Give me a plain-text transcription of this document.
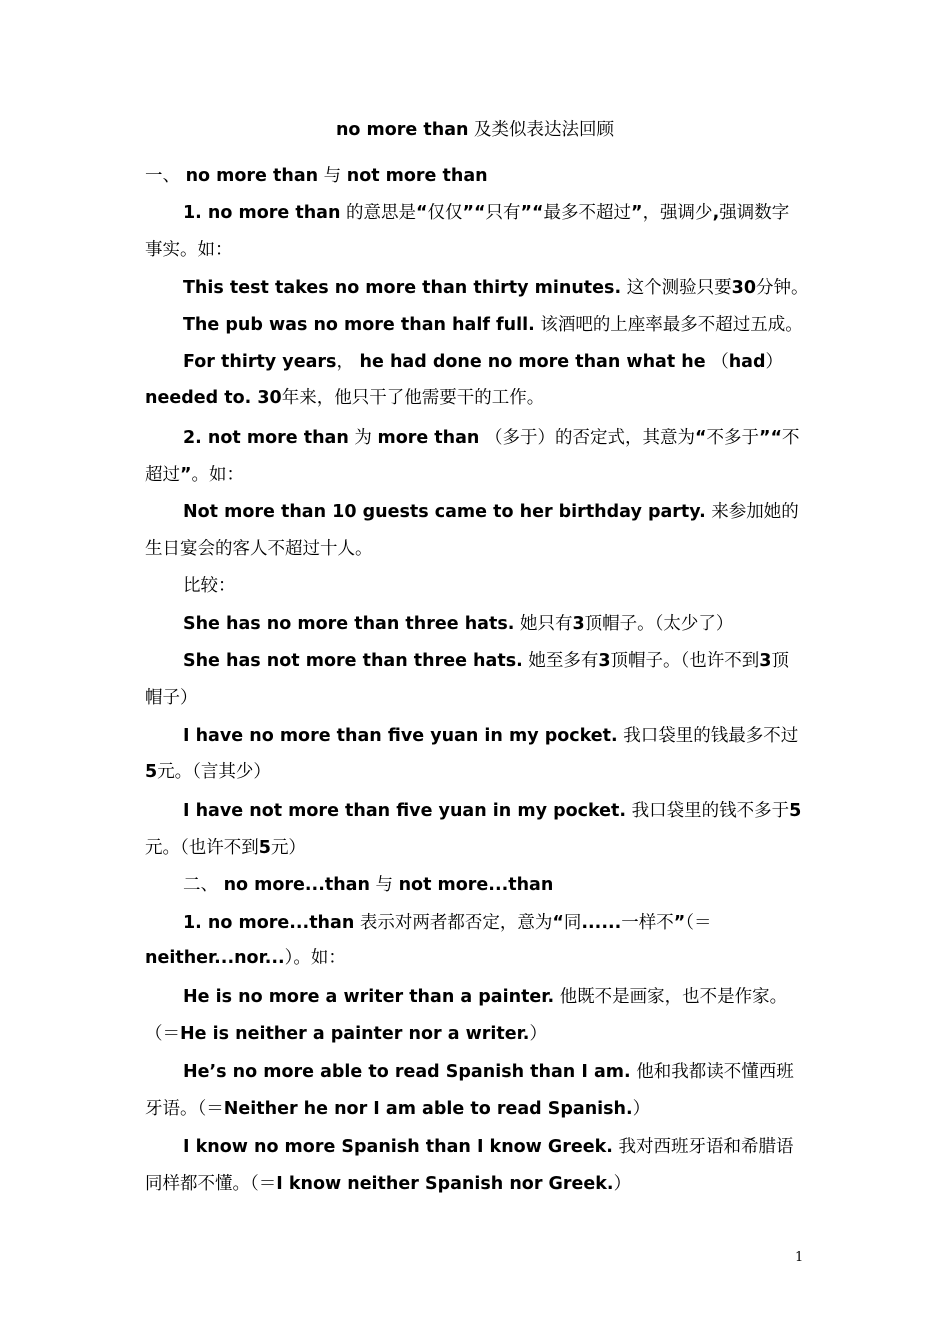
no more than 及类似表达法回顾
一、 no more than 与 not more than
1. no more than 的意思是“仅仅”“只有”“最多不超过”，强调少,强调数字
事实。如：
This test takes no more than thirty minutes. 这个测验只要30分钟。
The pub was no more than half full. 该酒吧的上座率最多不超过五成。
For thirty years， he had done no more than what he （had）
needed to. 30年来，他只干了他需要干的工作。
2. not more than 为 more than （多于）的否定式，其意为“不多于”“不
超过”。如：
Not more than 10 guests came to her birthday party. 来参加她的
生日宴会的客人不超过十人。
比较：
She has no more than three hats. 她只有3顶帽子。（太少了）
She has not more than three hats. 她至多有3顶帽子。（也许不到3顶
帽子）
I have no more than five yuan in my pocket. 我口袋里的钱最多不过
5元。（言其少）
I have not more than five yuan in my pocket. 我口袋里的钱不多于5
元。（也许不到5元）
二、 no more...than 与 not more...than
1. no more...than 表示对两者都否定，意为“同......一样不”（＝
neither...nor...）。如：
He is no more a writer than a painter. 他既不是画家，也不是作家。
（＝He is neither a painter nor a writer.）
He’s no more able to read Spanish than I am. 他和我都读不懂西班
牙语。（＝Neither he nor I am able to read Spanish.）
I know no more Spanish than I know Greek. 我对西班牙语和希腊语
同样都不懂。（＝I know neither Spanish nor Greek.）
1
